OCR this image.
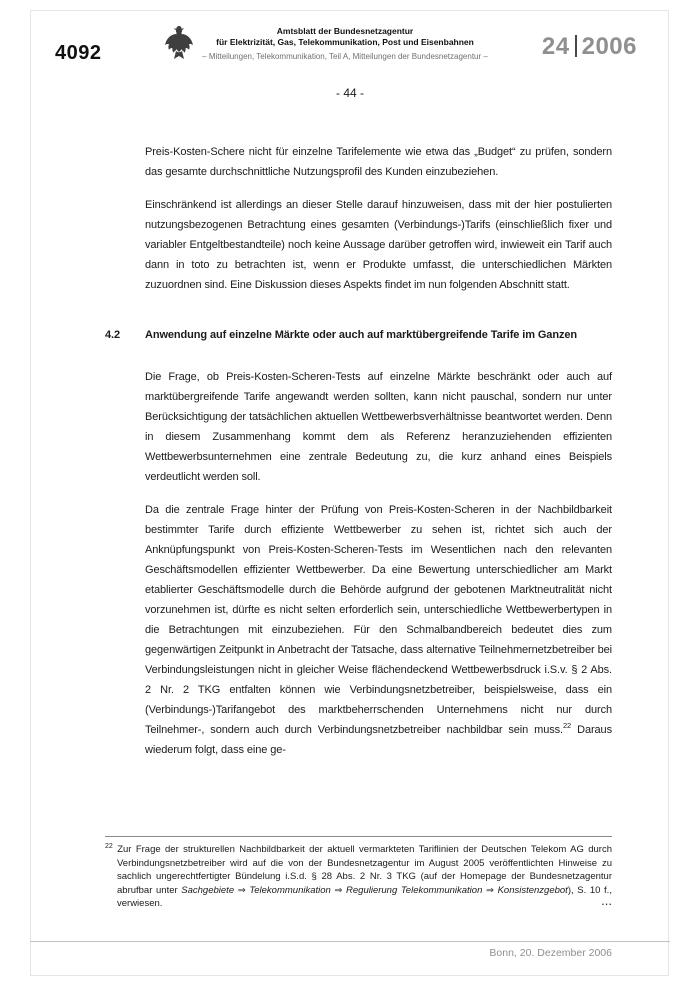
4092
Amtsblatt der Bundesnetzagentur
für Elektrizität, Gas, Telekommunikation, Post und Eisenbahnen
– Mitteilungen, Telekommunikation, Teil A, Mitteilungen der Bundesnetzagentur –	24 2006
- 44 -

Preis-Kosten-Schere nicht für einzelne Tarifelemente wie etwa das „Budget“ zu prüfen, sondern das gesamte durchschnittliche Nutzungsprofil des Kunden einzubeziehen.

Einschränkend ist allerdings an dieser Stelle darauf hinzuweisen, dass mit der hier postulierten nutzungsbezogenen Betrachtung eines gesamten (Verbindungs-)Tarifs (einschließlich fixer und variabler Entgeltbestandteile) noch keine Aussage darüber getroffen wird, inwieweit ein Tarif auch dann in toto zu betrachten ist, wenn er Produkte umfasst, die unterschiedlichen Märkten zuzuordnen sind. Eine Diskussion dieses Aspekts findet im nun folgenden Abschnitt statt.

4.2 Anwendung auf einzelne Märkte oder auch auf marktübergreifende Tarife im Ganzen

Die Frage, ob Preis-Kosten-Scheren-Tests auf einzelne Märkte beschränkt oder auch auf marktübergreifende Tarife angewandt werden sollten, kann nicht pauschal, sondern nur unter Berücksichtigung der tatsächlichen aktuellen Wettbewerbsverhältnisse beantwortet werden. Denn in diesem Zusammenhang kommt dem als Referenz heranzuziehenden effizienten Wettbewerbsunternehmen eine zentrale Bedeutung zu, die kurz anhand eines Beispiels verdeutlicht werden soll.

Da die zentrale Frage hinter der Prüfung von Preis-Kosten-Scheren in der Nachbildbarkeit bestimmter Tarife durch effiziente Wettbewerber zu sehen ist, richtet sich auch der Anknüpfungspunkt von Preis-Kosten-Scheren-Tests im Wesentlichen nach den relevanten Geschäftsmodellen effizienter Wettbewerber. Da eine Bewertung unterschiedlicher am Markt etablierter Geschäftsmodelle durch die Behörde aufgrund der gebotenen Marktneutralität nicht vorzunehmen ist, dürfte es nicht selten erforderlich sein, unterschiedliche Wettbewerbertypen in die Betrachtungen mit einzubeziehen. Für den Schmalbandbereich bedeutet dies zum gegenwärtigen Zeitpunkt in Anbetracht der Tatsache, dass alternative Teilnehmernetzbetreiber bei Verbindungsleistungen nicht in gleicher Weise flächendeckend Wettbewerbsdruck i.S.v. § 2 Abs. 2 Nr. 2 TKG entfalten können wie Verbindungsnetzbetreiber, beispielsweise, dass ein (Verbindungs-)Tarifangebot des marktbeherrschenden Unternehmens nicht nur durch Teilnehmer-, sondern auch durch Verbindungsnetzbetreiber nachbildbar sein muss.$^{22}$ Daraus wiederum folgt, dass eine ge-

$^{22}$ Zur Frage der strukturellen Nachbildbarkeit der aktuell vermarkteten Tariflinien der Deutschen Telekom AG durch Verbindungsnetzbetreiber wird auf die von der Bundesnetzagentur im August 2005 veröffentlichten Hinweise zu sachlich ungerechtfertigter Bündelung i.S.d. § 28 Abs. 2 Nr. 3 TKG (auf der Homepage der Bundesnetzagentur abrufbar unter Sachgebiete ⇒ Telekommunikation ⇒ Regulierung Telekommunikation ⇒ Konsistenzgebot), S. 10 f., verwiesen.	...
Bonn, 20. Dezember 2006
